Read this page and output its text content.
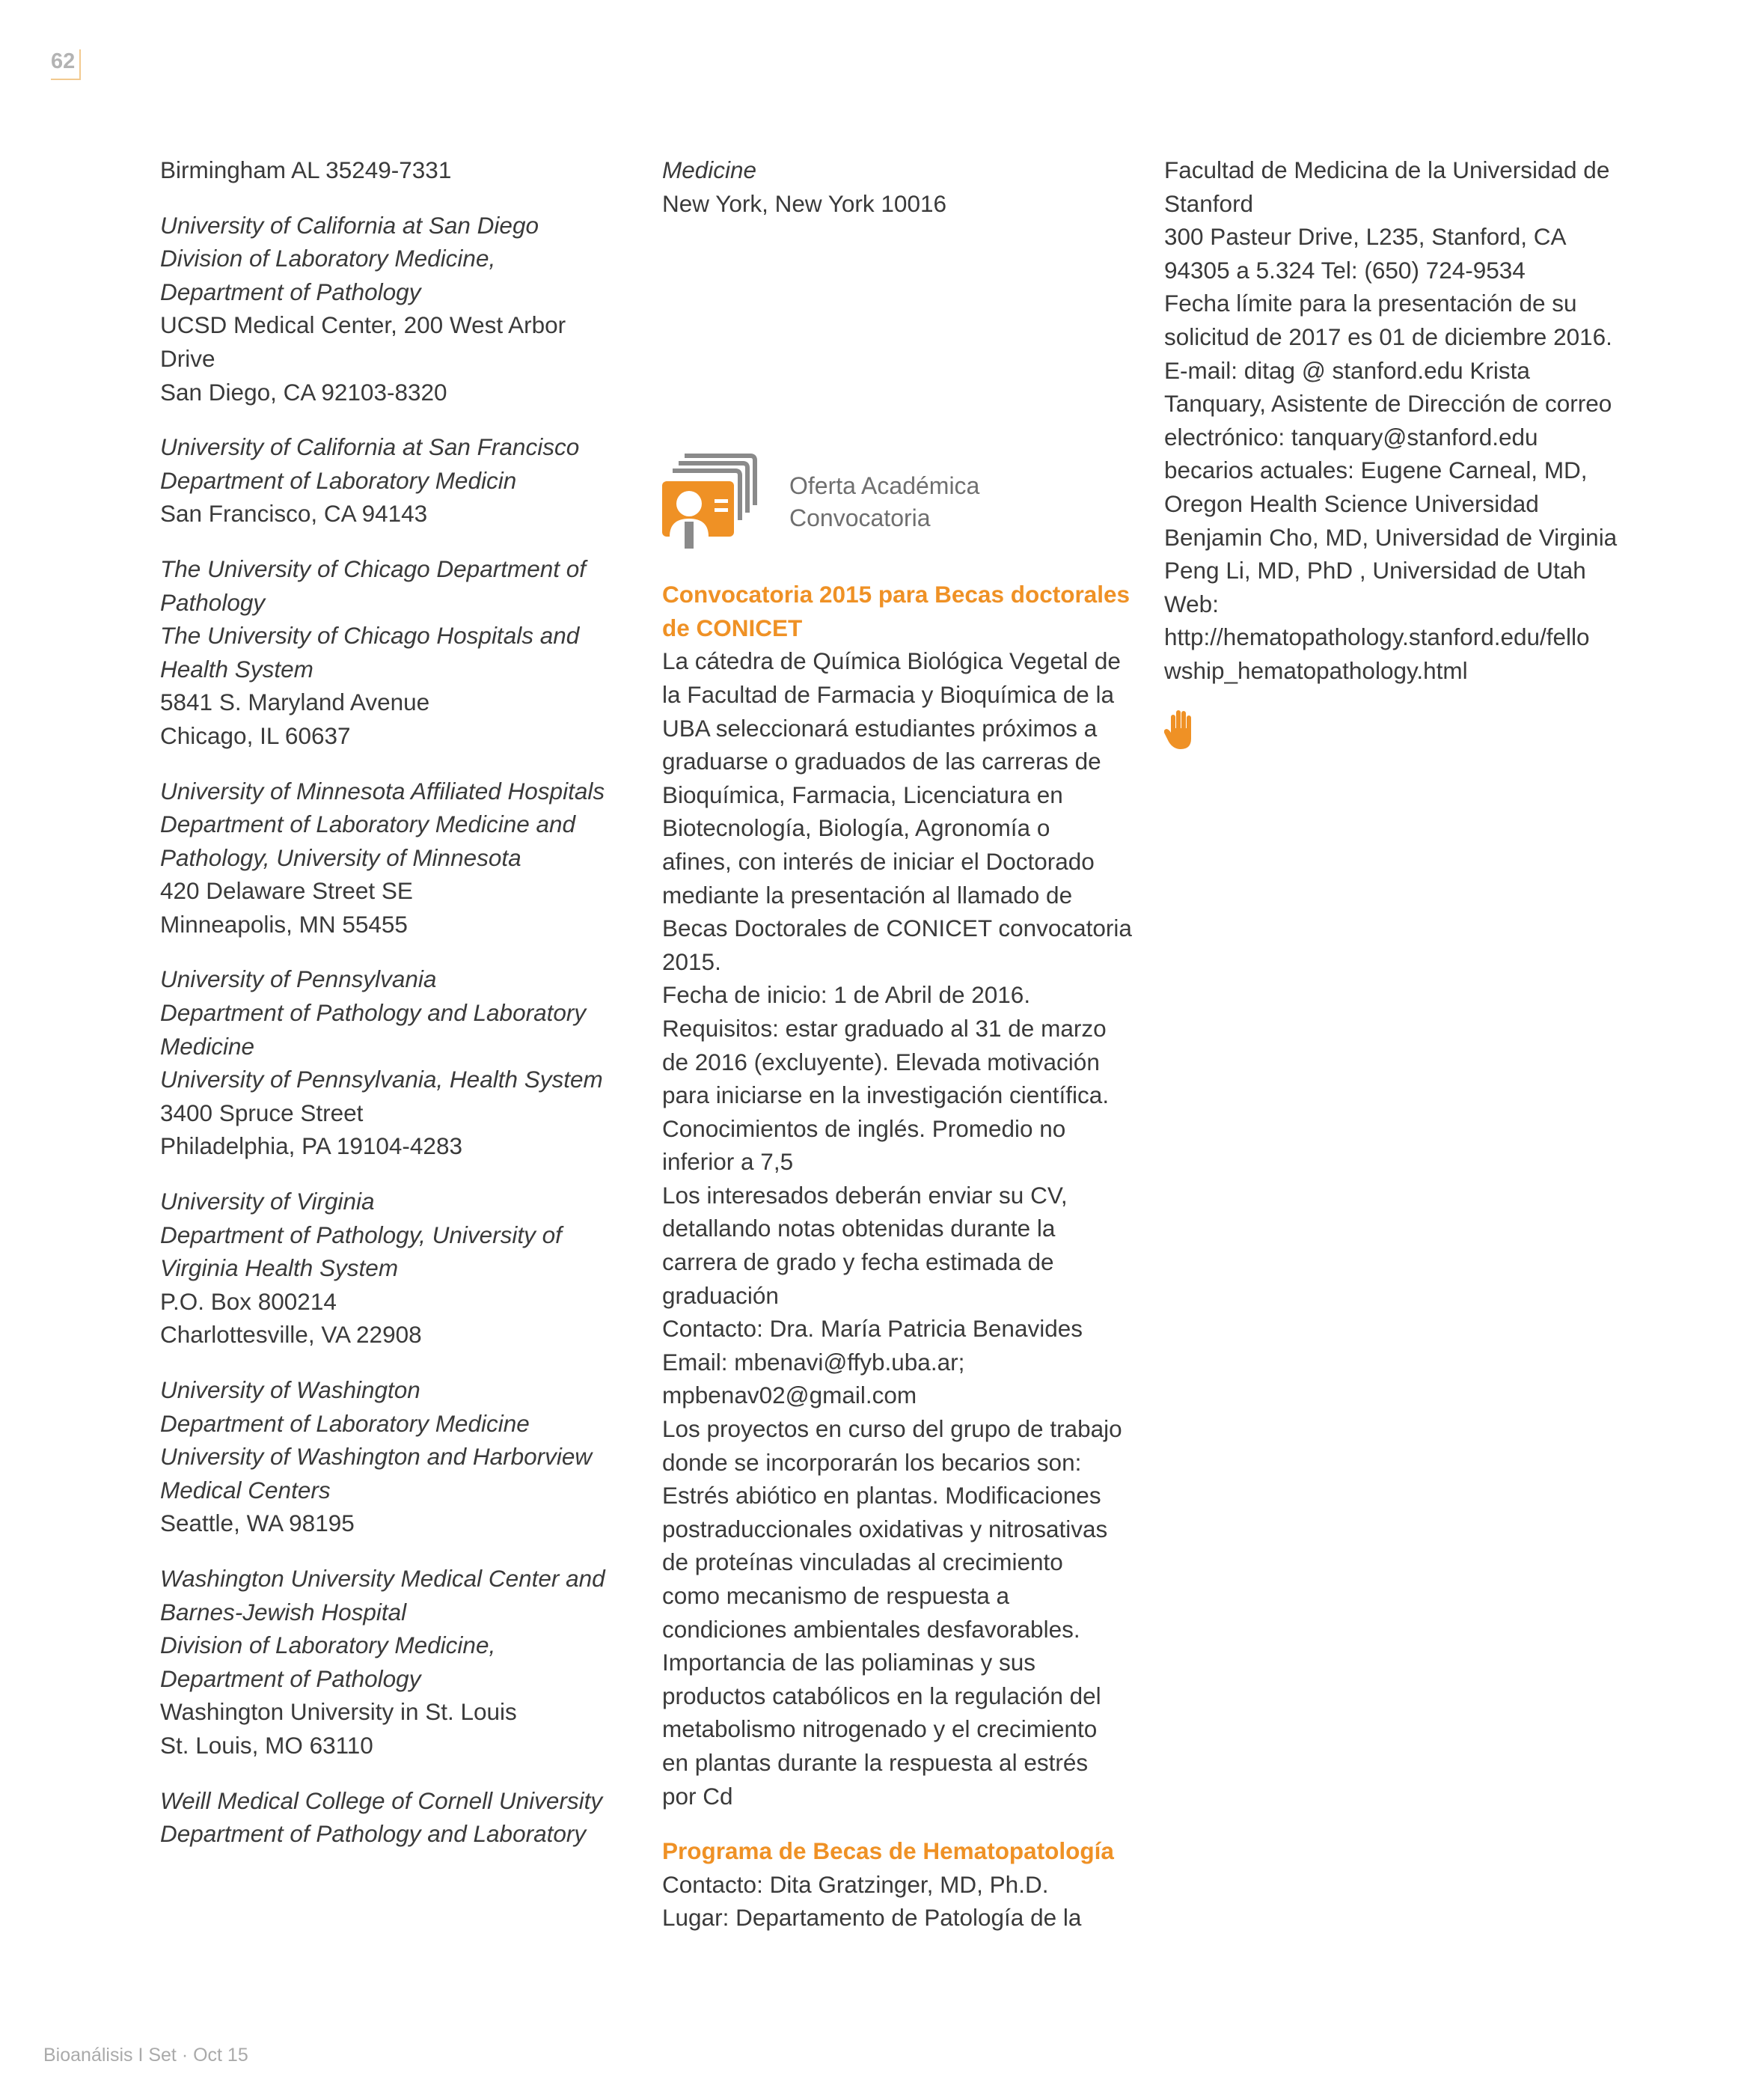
62
Birmingham AL 35249-7331
University of California at San Diego
Division of Laboratory Medicine,
Department of Pathology
UCSD Medical Center, 200 West Arbor
Drive
San Diego, CA 92103-8320
University of California at San Francisco
Department of Laboratory Medicin
San Francisco, CA 94143
The University of Chicago Department of
Pathology
The University of Chicago Hospitals and
Health System
5841 S. Maryland Avenue
Chicago, IL 60637
University of Minnesota Affiliated Hospitals
Department of Laboratory Medicine and
Pathology, University of Minnesota
420 Delaware Street SE
Minneapolis, MN 55455
University of Pennsylvania
Department of Pathology and Laboratory
Medicine
University of Pennsylvania, Health System
3400 Spruce Street
Philadelphia, PA 19104-4283
University of Virginia
Department of Pathology, University of
Virginia Health System
P.O. Box 800214
Charlottesville, VA 22908
University of Washington
Department of Laboratory Medicine
University of Washington and Harborview
Medical Centers
Seattle, WA 98195
Washington University Medical Center and
Barnes-Jewish Hospital
Division of Laboratory Medicine,
Department of Pathology
Washington University in St. Louis
St. Louis, MO 63110
Weill Medical College of Cornell University
Department of Pathology and Laboratory
Medicine
New York, New York 10016
Oferta Académica
Convocatoria
Convocatoria 2015 para Becas doctorales
de CONICET
La cátedra de Química Biológica Vegetal de
la Facultad de Farmacia y Bioquímica de la
UBA seleccionará estudiantes próximos a
graduarse o graduados de las carreras de
Bioquímica, Farmacia, Licenciatura en
Biotecnología, Biología, Agronomía o
afines, con interés de iniciar el Doctorado
mediante la presentación al llamado de
Becas Doctorales de CONICET convocatoria
2015.
Fecha de inicio: 1 de Abril de 2016.
Requisitos: estar graduado al 31 de marzo
de 2016 (excluyente). Elevada motivación
para iniciarse en la investigación científica.
Conocimientos de inglés. Promedio no
inferior a 7,5
Los interesados deberán enviar su CV,
detallando notas obtenidas durante la
carrera de grado y fecha estimada de
graduación
Contacto: Dra. María Patricia Benavides
Email: mbenavi@ffyb.uba.ar;
mpbenav02@gmail.com
Los proyectos en curso del grupo de trabajo
donde se incorporarán los becarios son:
Estrés abiótico en plantas. Modificaciones
postraduccionales oxidativas y nitrosativas
de proteínas vinculadas al crecimiento
como mecanismo de respuesta a
condiciones ambientales desfavorables.
Importancia de las poliaminas y sus
productos catabólicos en la regulación del
metabolismo nitrogenado y el crecimiento
en plantas durante la respuesta al estrés
por Cd
Programa de Becas de Hematopatología
Contacto: Dita Gratzinger, MD, Ph.D.
Lugar: Departamento de Patología de la
Facultad de Medicina de la Universidad de
Stanford
300 Pasteur Drive, L235, Stanford, CA
94305 a 5.324 Tel: (650) 724-9534
Fecha límite para la presentación de su
solicitud de 2017 es 01 de diciembre 2016.
E-mail: ditag @ stanford.edu Krista
Tanquary, Asistente de Dirección de correo
electrónico: tanquary@stanford.edu
becarios actuales: Eugene Carneal, MD,
Oregon Health Science Universidad
Benjamin Cho, MD, Universidad de Virginia
Peng Li, MD, PhD , Universidad de Utah
Web:
http://hematopathology.stanford.edu/fello
wship_hematopathology.html
Bioanálisis I Set · Oct 15
